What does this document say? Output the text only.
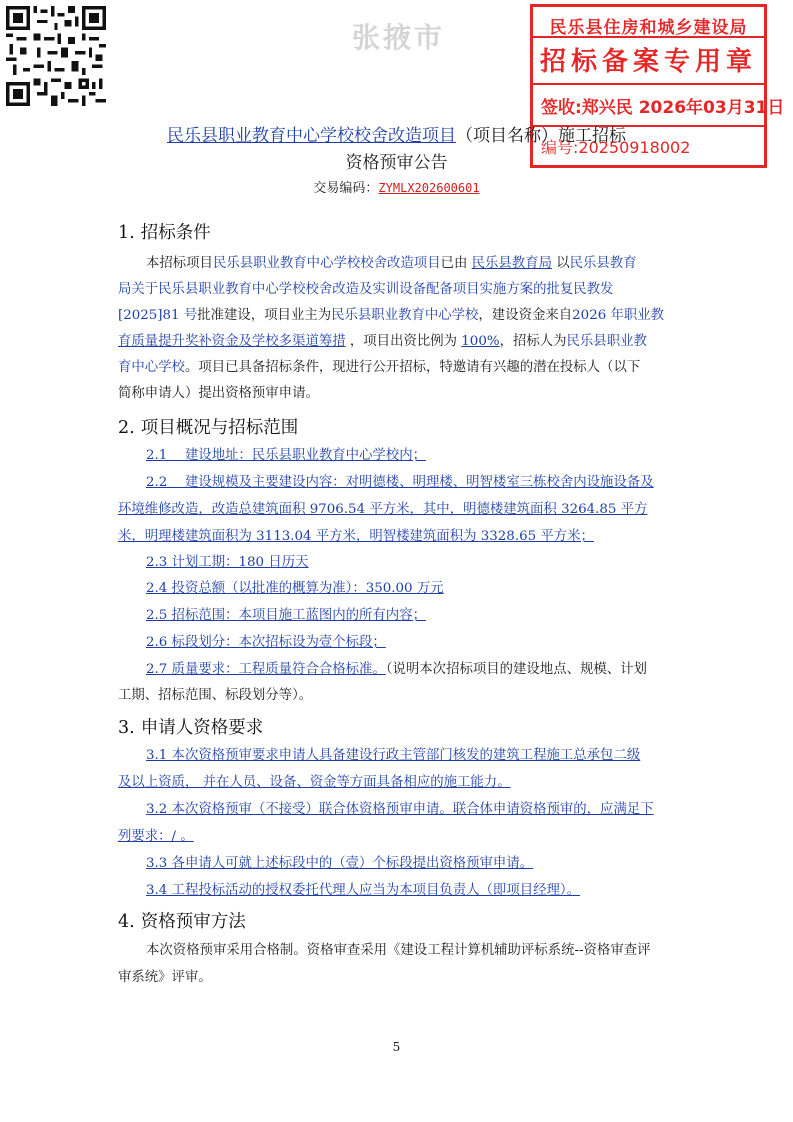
张掖市	民乐县住房和城乡建设局
招标备案专用章
签收:郑兴民 2026年03月31日
编号:20250918002
民乐县职业教育中心学校校舍改造项目（项目名称）施工招标
资格预审公告
交易编码：ZYMLX202600601
1. 招标条件
本招标项目民乐县职业教育中心学校校舍改造项目已由 民乐县教育局 以民乐县教育
局关于民乐县职业教育中心学校校舍改造及实训设备配备项目实施方案的批复民教发
[2025]81 号批准建设，项目业主为民乐县职业教育中心学校，建设资金来自2026 年职业教
育质量提升奖补资金及学校多渠道筹措 ，项目出资比例为 100%，招标人为民乐县职业教
育中心学校。项目已具备招标条件，现进行公开招标，特邀请有兴趣的潜在投标人（以下
简称申请人）提出资格预审申请。
2. 项目概况与招标范围
2.1　 建设地址：民乐县职业教育中心学校内；
2.2　 建设规模及主要建设内容：对明德楼、明理楼、明智楼室三栋校舍内设施设备及
环境维修改造，改造总建筑面积 9706.54 平方米，其中，明德楼建筑面积 3264.85 平方
米，明理楼建筑面积为 3113.04 平方米，明智楼建筑面积为 3328.65 平方米；
2.3 计划工期：180 日历天
2.4 投资总额（以批准的概算为准）：350.00 万元
2.5 招标范围：本项目施工蓝图内的所有内容；
2.6 标段划分：本次招标设为壹个标段；
2.7 质量要求：工程质量符合合格标准。（说明本次招标项目的建设地点、规模、计划
工期、招标范围、标段划分等）。
3. 申请人资格要求
3.1 本次资格预审要求申请人具备建设行政主管部门核发的建筑工程施工总承包二级
及以上资质， 并在人员、设备、资金等方面具备相应的施工能力。
3.2 本次资格预审（不接受）联合体资格预审申请。联合体申请资格预审的，应满足下
列要求：/ 。
3.3 各申请人可就上述标段中的（壹）个标段提出资格预审申请。
3.4 工程投标活动的授权委托代理人应当为本项目负责人（即项目经理）。
4. 资格预审方法
本次资格预审采用合格制。资格审查采用《建设工程计算机辅助评标系统--资格审查评
审系统》评审。
5
